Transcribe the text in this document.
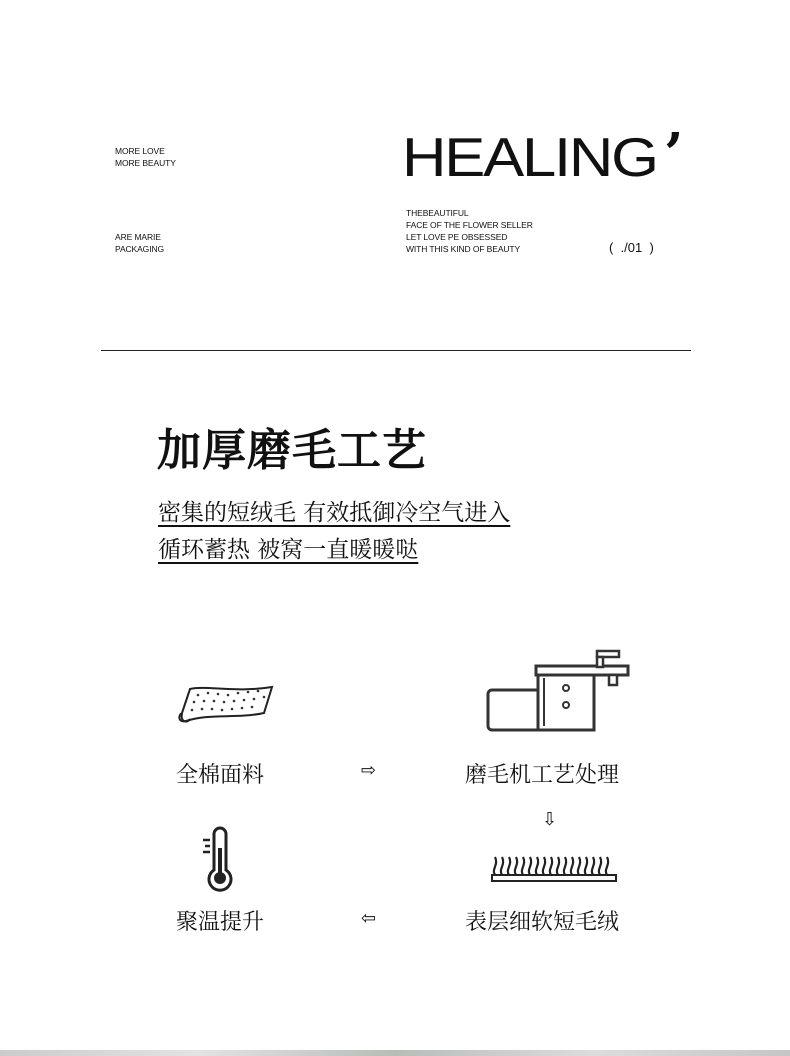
MORE LOVE
MORE BEAUTY
ARE MARIE
PACKAGING
HEALING ’
THEBEAUTIFUL
FACE OF THE FLOWER SELLER
LET LOVE PE OBSESSED
WITH THIS KIND OF BEAUTY	(  ./01  )
加厚磨毛工艺
密集的短绒毛 有效抵御冷空气进入
循环蓄热 被窝一直暖暖哒
全棉面料	⇨	磨毛机工艺处理
⇩
聚温提升	⇦	表层细软短毛绒
